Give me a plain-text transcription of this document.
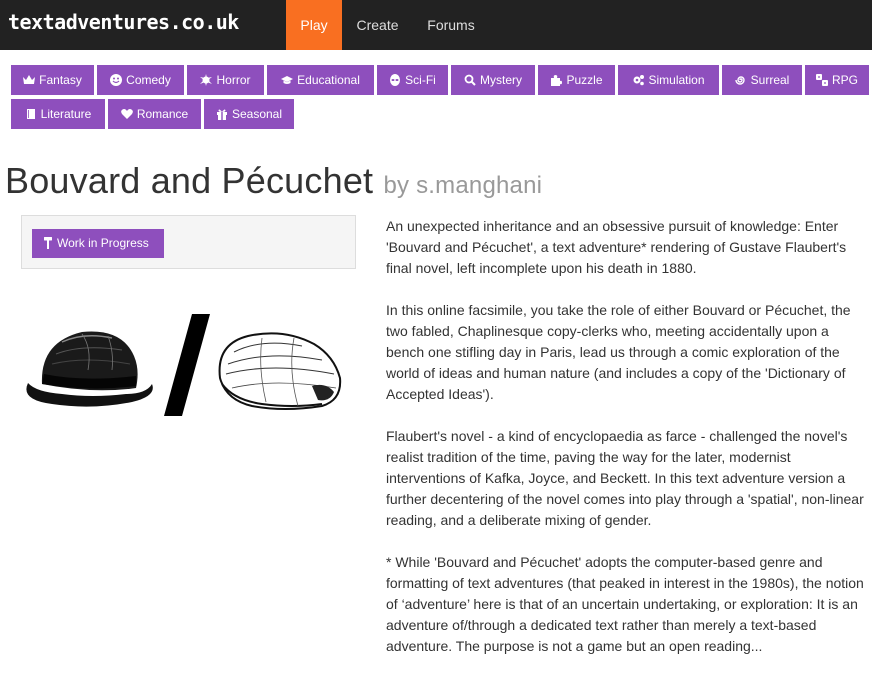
textadventures.co.uk	Play	Create	Forums
Fantasy	Comedy	Horror	Educational	Sci-Fi	Mystery	Puzzle	Simulation	Surreal	RPG
Literature	Romance	Seasonal
Bouvard and Pécuchet by s.manghani
Work in Progress

An unexpected inheritance and an obsessive pursuit of knowledge: Enter 'Bouvard and Pécuchet', a text adventure* rendering of Gustave Flaubert's final novel, left incomplete upon his death in 1880.

In this online facsimile, you take the role of either Bouvard or Pécuchet, the two fabled, Chaplinesque copy-clerks who, meeting accidentally upon a bench one stifling day in Paris, lead us through a comic exploration of the world of ideas and human nature (and includes a copy of the 'Dictionary of Accepted Ideas').

Flaubert's novel - a kind of encyclopaedia as farce - challenged the novel's realist tradition of the time, paving the way for the later, modernist interventions of Kafka, Joyce, and Beckett. In this text adventure version a further decentering of the novel comes into play through a 'spatial', non-linear reading, and a deliberate mixing of gender.

* While 'Bouvard and Pécuchet' adopts the computer-based genre and formatting of text adventures (that peaked in interest in the 1980s), the notion of ‘adventure’ here is that of an uncertain undertaking, or exploration: It is an adventure of/through a dedicated text rather than merely a text-based adventure. The purpose is not a game but an open reading...
